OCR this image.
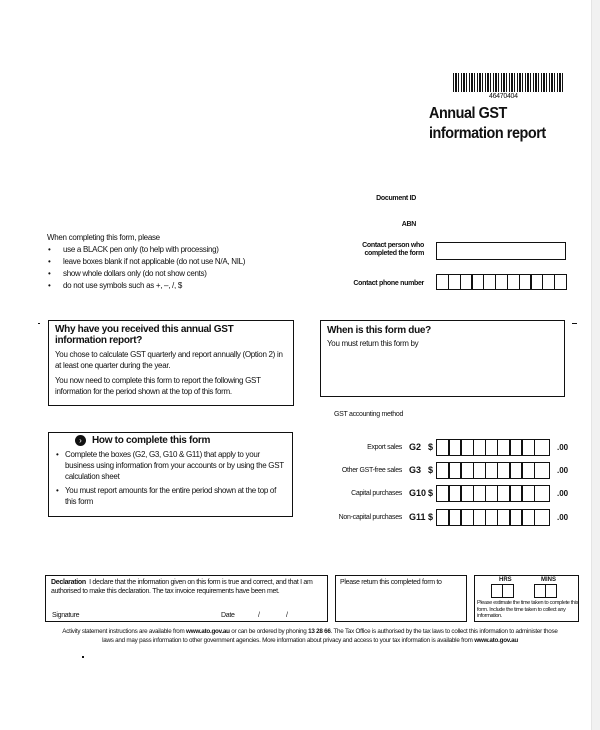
46470404
Annual GST
information report
Document ID
ABN
Contact person who completed the form
Contact phone number
When completing this form, please
• use a BLACK pen only (to help with processing)
• leave boxes blank if not applicable (do not use N/A, NIL)
• show whole dollars only (do not show cents)
• do not use symbols such as +, –, /, $
Why have you received this annual GST information report?
You chose to calculate GST quarterly and report annually (Option 2) in at least one quarter during the year.
You now need to complete this form to report the following GST information for the period shown at the top of this form.
When is this form due?
You must return this form by
›	How to complete this form
• Complete the boxes (G2, G3, G10 & G11) that apply to your business using information from your accounts or by using the GST calculation sheet
• You must report amounts for the entire period shown at the top of this form
GST accounting method
Export sales G2 $	.00
Other GST-free sales G3 $	.00
Capital purchases G10 $	.00
Non-capital purchases G11 $	.00
Declaration I declare that the information given on this form is true and correct, and that I am authorised to make this declaration. The tax invoice requirements have been met.
Signature	Date	/	/
Please return this completed form to	HRS	MINS
Please estimate the time taken to complete this form. Include the time taken to collect any information.
Activity statement instructions are available from www.ato.gov.au or can be ordered by phoning 13 28 66. The Tax Office is authorised by the tax laws to collect this information to administer those laws and may pass information to other government agencies. More information about privacy and access to your tax information is available from www.ato.gov.au
